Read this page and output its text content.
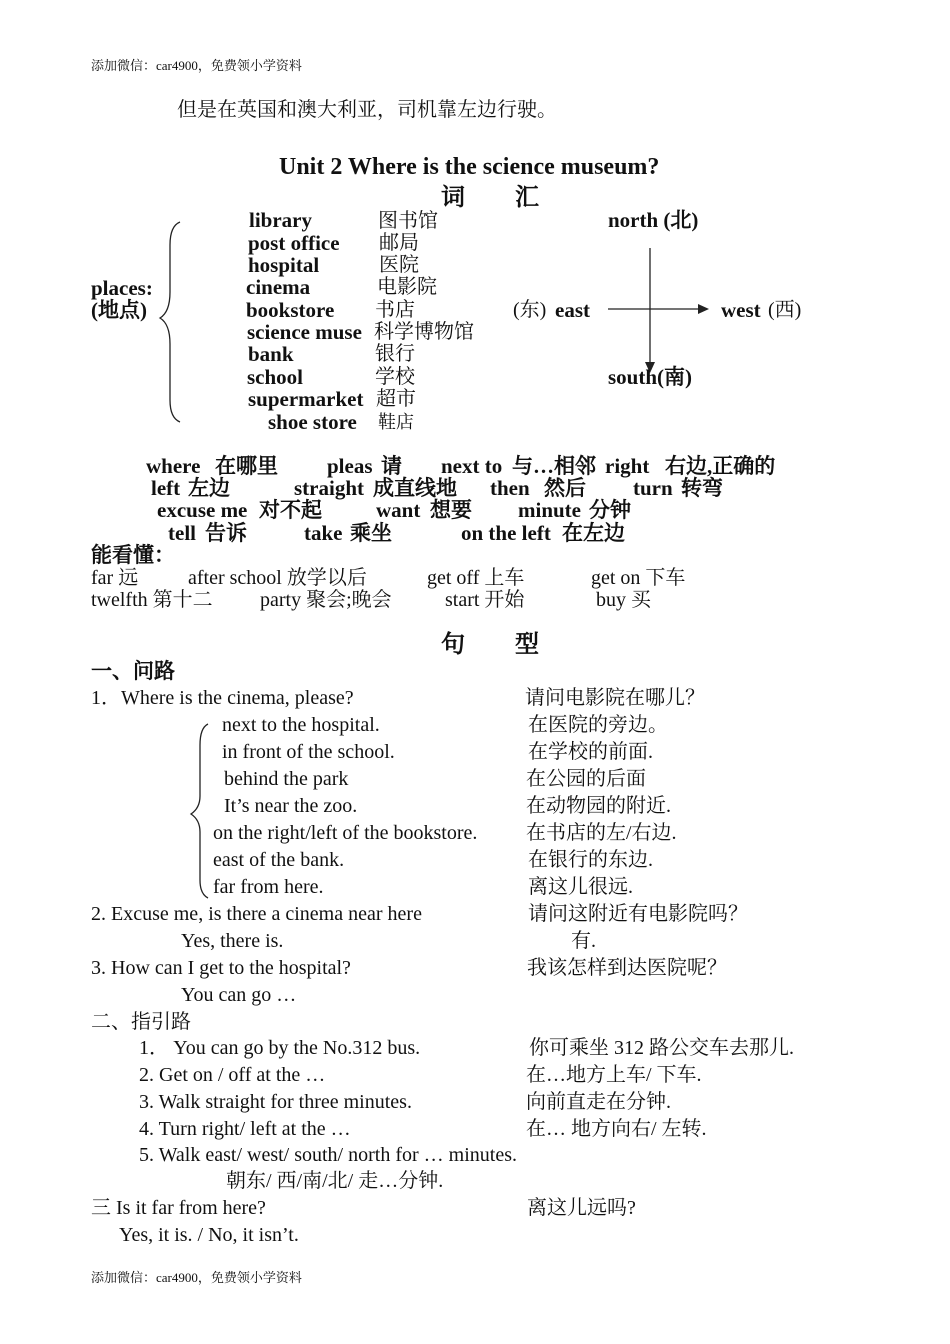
添加微信：car4900，免费领小学资料
添加微信：car4900，免费领小学资料
但是在英国和澳大利亚，司机靠左边行驶。
Unit 2 Where is the science museum?
词 汇
places:
(地点)
library	图书馆
post office 邮局
hospital	医院
cinema	电影院
bookstore 书店
science muse 科学博物馆
bank	银行
school	学校
supermarket 超市
shoe store 鞋店
north (北)
(东) east	west (西)
south(南)
where 在哪里 pleas 请 next to 与…相邻 right 右边,正确的
left 左边	straight 成直线地 then 然后 turn 转弯
excuse me 对不起	want 想要 minute 分钟
tell 告诉	take 乘坐	on the left 在左边
能看懂：
far 远 after school 放学以后	get off 上车	get on 下车
twelfth 第十二 party 聚会;晚会	start 开始	buy 买
句 型
一、问路
1．Where is the cinema, please?	请问电影院在哪儿？
next to the hospital.	在医院的旁边。
in front of the school.	在学校的前面.
behind the park	在公园的后面
It’s near the zoo.	在动物园的附近.
on the right/left of the bookstore. 在书店的左/右边.
east of the bank.	在银行的东边.
far from here.	离这儿很远.
2. Excuse me, is there a cinema near here	请问这附近有电影院吗？
Yes, there is.	有.
3. How can I get to the hospital?	我该怎样到达医院呢？
You can go …
二、指引路
1． You can go by the No.312 bus.	你可乘坐 312 路公交车去那儿.
2. Get on / off at the …	在…地方上车/ 下车.
3. Walk straight for three minutes.	向前直走在分钟.
4. Turn right/ left at the …	在… 地方向右/ 左转.
5. Walk east/ west/ south/ north for … minutes.
朝东/ 西/南/北/ 走…分钟.
三 Is it far from here?	离这儿远吗?
Yes, it is. / No, it isn’t.
